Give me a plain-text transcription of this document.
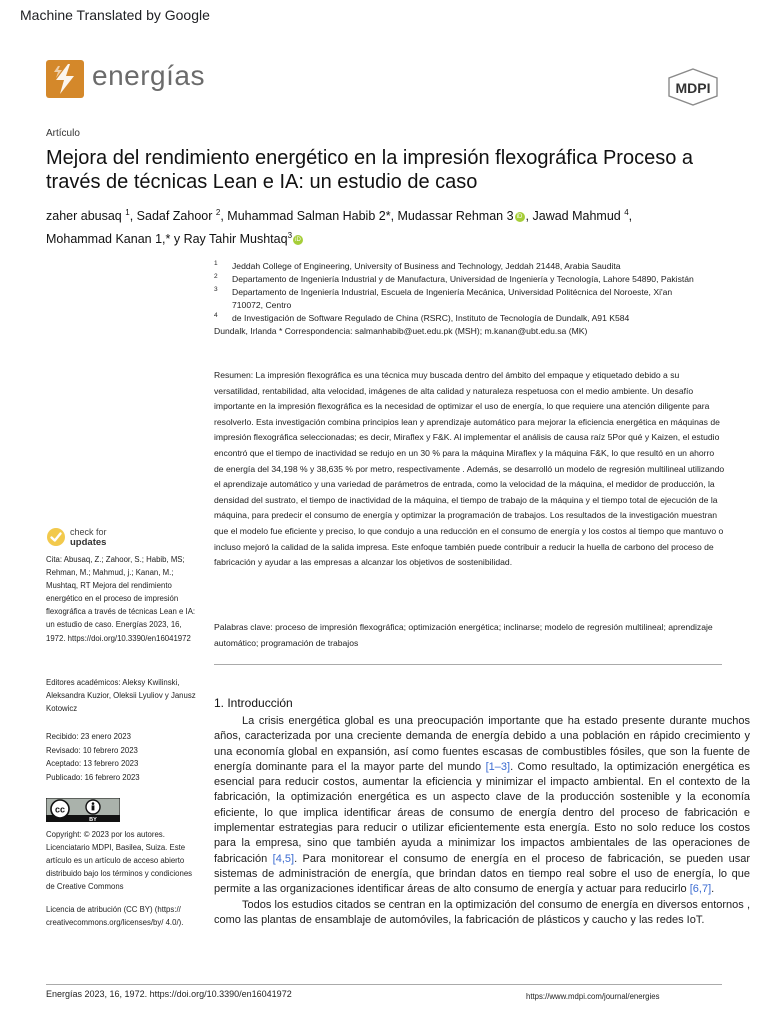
Machine Translated by Google
energías	MDPI
Artículo
Mejora del rendimiento energético en la impresión flexográfica Proceso a través de técnicas Lean e IA: un estudio de caso
zaher abusaq $^1$, Sadaf Zahoor $^2$, Muhammad Salman Habib 2*, Mudassar Rehman 3 iD , Jawad Mahmud $^4$,
Mohammad Kanan 1,* y Ray Tahir Mushtaq$^3$iD
1 Jeddah College of Engineering, University of Business and Technology, Jeddah 21448, Arabia Saudita
2 Departamento de Ingeniería Industrial y de Manufactura, Universidad de Ingeniería y Tecnología, Lahore 54890, Pakistán
3 Departamento de Ingeniería Industrial, Escuela de Ingeniería Mecánica, Universidad Politécnica del Noroeste, Xi'an 710072, Centro
4 de Investigación de Software Regulado de China (RSRC), Instituto de Tecnología de Dundalk, A91 K584
Dundalk, Irlanda * Correspondencia: salmanhabib@uet.edu.pk (MSH); m.kanan@ubt.edu.sa (MK)
Resumen: La impresión flexográfica es una técnica muy buscada dentro del ámbito del empaque y etiquetado debido a su versatilidad, rentabilidad, alta velocidad, imágenes de alta calidad y naturaleza respetuosa con el medio ambiente. Un desafío importante en la impresión flexográfica es la necesidad de optimizar el uso de energía, lo que requiere una atención diligente para resolverlo. Esta investigación combina principios lean y aprendizaje automático para mejorar la eficiencia energética en máquinas de impresión flexográfica seleccionadas; es decir, Miraflex y F&K. Al implementar el análisis de causa raíz 5Por qué y Kaizen, el estudio encontró que el tiempo de inactividad se redujo en un 30 % para la máquina Miraflex y la máquina F&K, lo que resultó en un ahorro de energía del 34,198 % y 38,635 % por metro, respectivamente . Además, se desarrolló un modelo de regresión multilineal utilizando el aprendizaje automático y una variedad de parámetros de entrada, como la velocidad de la máquina, el medidor de producción, la densidad del sustrato, el tiempo de inactividad de la máquina, el tiempo de trabajo de la máquina y el tiempo total de ejecución de la máquina, para predecir el consumo de energía y optimizar la programación de trabajos. Los resultados de la investigación muestran que el modelo fue eficiente y preciso, lo que condujo a una reducción en el consumo de energía y los costos al tiempo que mantuvo o incluso mejoró la calidad de la salida impresa. Este enfoque también puede contribuir a reducir la huella de carbono del proceso de fabricación y ayudar a las empresas a alcanzar los objetivos de sostenibilidad.
Palabras clave: proceso de impresión flexográfica; optimización energética; inclinarse; modelo de regresión multilineal; aprendizaje automático; programación de trabajos
check for
updates
Cita: Abusaq, Z.; Zahoor, S.; Habib, MS; Rehman, M.; Mahmud, j.; Kanan, M.; Mushtaq, RT Mejora del rendimiento energético en el proceso de impresión flexográfica a través de técnicas Lean e IA: un estudio de caso. Energías 2023, 16, 1972. https://doi.org/10.3390/en16041972
Editores académicos: Aleksy Kwilinski, Aleksandra Kuzior, Oleksii Lyuliov y Janusz Kotowicz
Recibido: 23 enero 2023
Revisado: 10 febrero 2023
Aceptado: 13 febrero 2023
Publicado: 16 febrero 2023
cc
BY
Copyright: © 2023 por los autores. Licenciatario MDPI, Basilea, Suiza. Este artículo es un artículo de acceso abierto distribuido bajo los términos y condiciones de Creative Commons
Licencia de atribución (CC BY) (https:// creativecommons.org/licenses/by/ 4.0/).
1. Introducción
La crisis energética global es una preocupación importante que ha estado presente durante muchos años, caracterizada por una creciente demanda de energía debido a una población en rápido crecimiento y una economía global en expansión, así como fuentes escasas de combustibles fósiles, que son la fuente de energía dominante para el la mayor parte del mundo [1–3]. Como resultado, la optimización energética es esencial para reducir costos, aumentar la eficiencia y minimizar el impacto ambiental. En el contexto de la fabricación, la optimización energética es un aspecto clave de la producción sostenible y la economía eficiente, lo que implica identificar áreas de consumo de energía dentro del proceso de fabricación e implementar estrategias para reducir o utilizar eficientemente esta energía. Esto no solo reduce los costos para la empresa, sino que también ayuda a minimizar los impactos ambientales de las operaciones de fabricación [4,5]. Para monitorear el consumo de energía en el proceso de fabricación, se pueden usar sistemas de administración de energía, que brindan datos en tiempo real sobre el uso de energía, lo que permite a las organizaciones identificar áreas de alto consumo de energía y actuar para reducirlo [6,7].
Todos los estudios citados se centran en la optimización del consumo de energía en diversos entornos , como las plantas de ensamblaje de automóviles, la fabricación de plásticos y caucho y las redes IoT.
Energías 2023, 16, 1972. https://doi.org/10.3390/en16041972	https://www.mdpi.com/journal/energies
